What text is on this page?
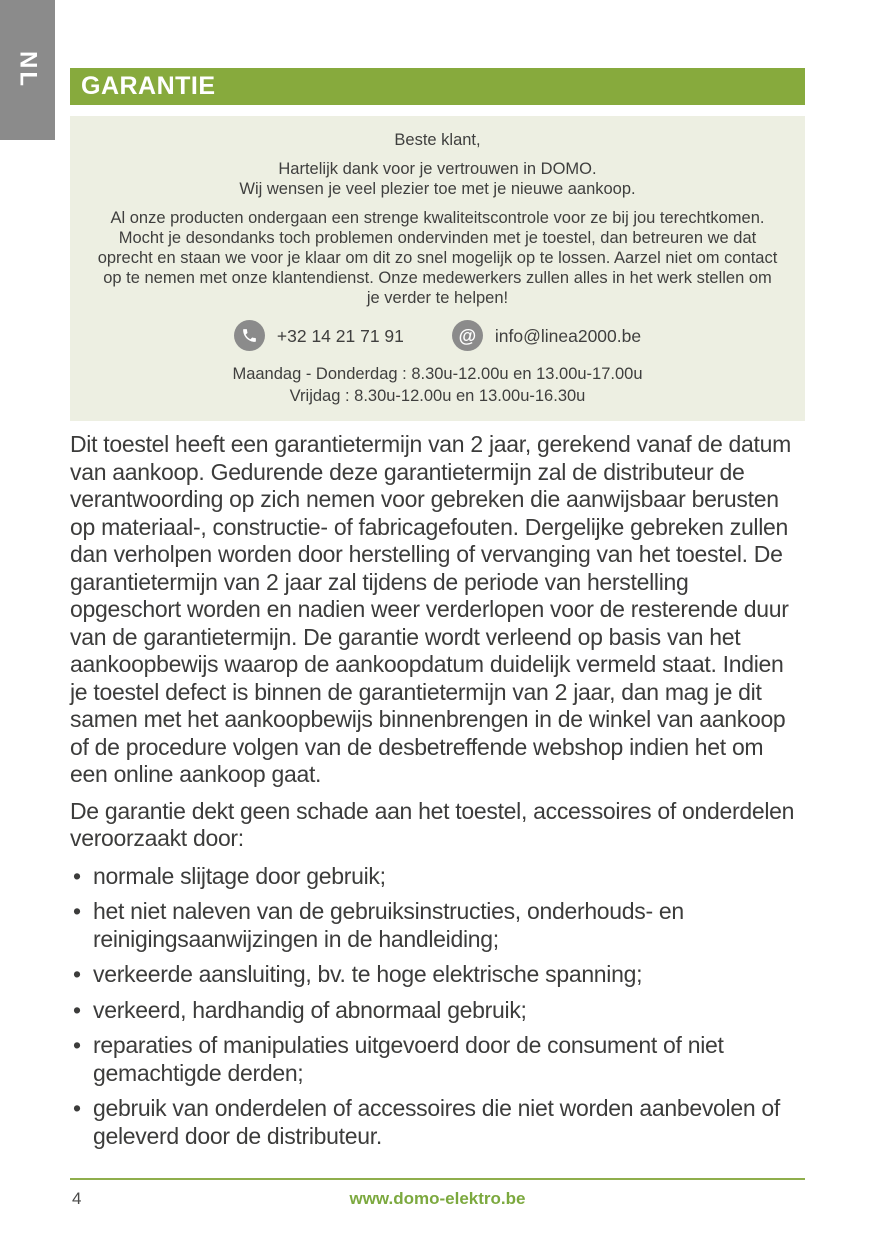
NL	GARANTIE
Beste klant,
Hartelijk dank voor je vertrouwen in DOMO.
Wij wensen je veel plezier toe met je nieuwe aankoop.
Al onze producten ondergaan een strenge kwaliteitscontrole voor ze bij jou terechtkomen. Mocht je desondanks toch problemen ondervinden met je toestel, dan betreuren we dat oprecht en staan we voor je klaar om dit zo snel mogelijk op te lossen. Aarzel niet om contact op te nemen met onze klantendienst. Onze medewerkers zullen alles in het werk stellen om je verder te helpen!
+32 14 21 71 91	@ info@linea2000.be
Maandag - Donderdag : 8.30u-12.00u en 13.00u-17.00u
Vrijdag : 8.30u-12.00u en 13.00u-16.30u

Dit toestel heeft een garantietermijn van 2 jaar, gerekend vanaf de datum van aankoop. Gedurende deze garantietermijn zal de distributeur de verantwoording op zich nemen voor gebreken die aanwijsbaar berusten op materiaal-, constructie- of fabricagefouten. Dergelijke gebreken zullen dan verholpen worden door herstelling of vervanging van het toestel. De garantietermijn van 2 jaar zal tijdens de periode van herstelling opgeschort worden en nadien weer verderlopen voor de resterende duur van de garantietermijn. De garantie wordt verleend op basis van het aankoopbewijs waarop de aankoopdatum duidelijk vermeld staat. Indien je toestel defect is binnen de garantietermijn van 2 jaar, dan mag je dit samen met het aankoopbewijs binnenbrengen in de winkel van aankoop of de procedure volgen van de desbetreffende webshop indien het om een online aankoop gaat.

De garantie dekt geen schade aan het toestel, accessoires of onderdelen veroorzaakt door:

• normale slijtage door gebruik;
• het niet naleven van de gebruiksinstructies, onderhouds- en reinigingsaanwijzingen in de handleiding;
• verkeerde aansluiting, bv. te hoge elektrische spanning;
• verkeerd, hardhandig of abnormaal gebruik;
• reparaties of manipulaties uitgevoerd door de consument of niet gemachtigde derden;
• gebruik van onderdelen of accessoires die niet worden aanbevolen of geleverd door de distributeur.
4	www.domo-elektro.be
